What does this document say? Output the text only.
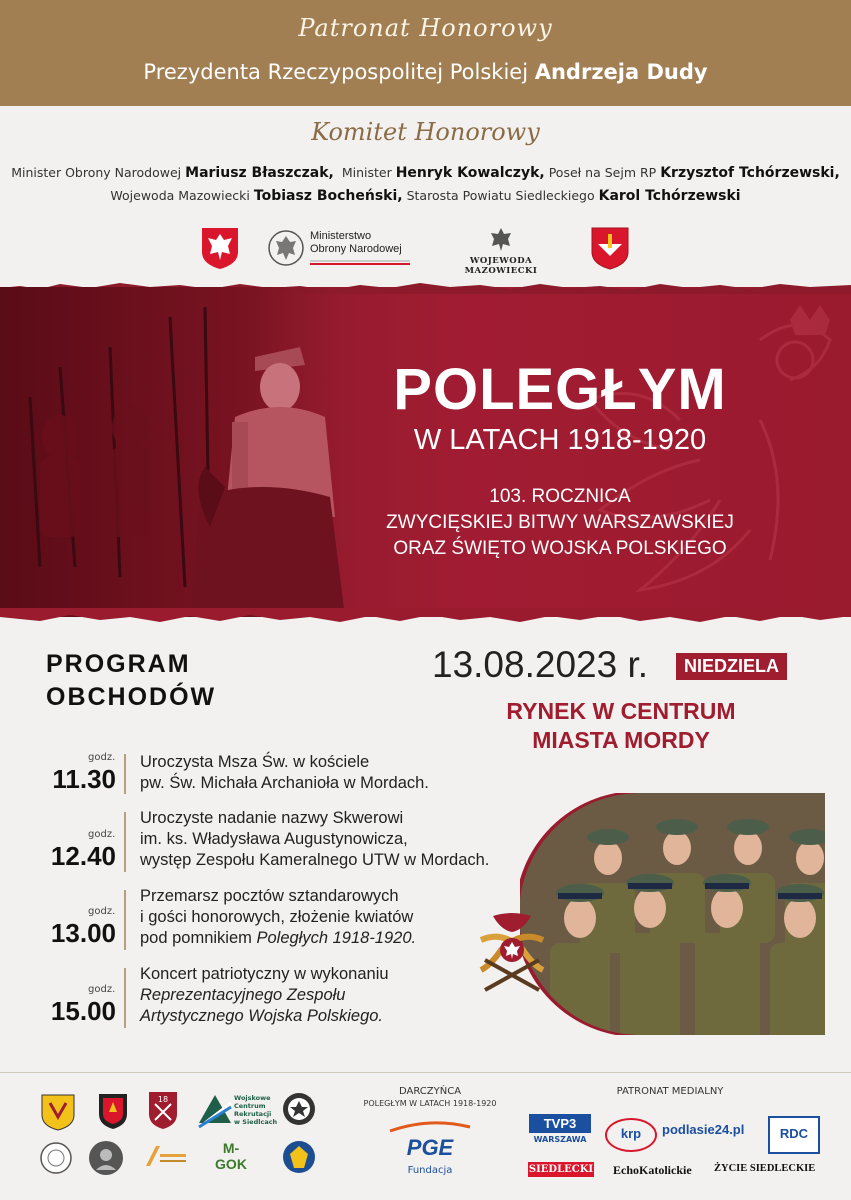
Patronat Honorowy
Prezydenta Rzeczypospolitej Polskiej Andrzeja Dudy
Komitet Honorowy
Minister Obrony Narodowej Mariusz Błaszczak, Minister Henryk Kowalczyk, Poseł na Sejm RP Krzysztof Tchórzewski,
Wojewoda Mazowiecki Tobiasz Bocheński, Starosta Powiatu Siedleckiego Karol Tchórzewski
Ministerstwo
Obrony Narodowej
WOJEWODA MAZOWIECKI
POLEGŁYM
W LATACH 1918-1920
103. ROCZNICA
ZWYCIĘSKIEJ BITWY WARSZAWSKIEJ
ORAZ ŚWIĘTO WOJSKA POLSKIEGO
PROGRAM
OBCHODÓW
13.08.2023 r.	NIEDZIELA
RYNEK W CENTRUM
MIASTA MORDY
godz.
11.30
Uroczysta Msza Św. w kościele
pw. Św. Michała Archanioła w Mordach.
godz.
12.40
Uroczyste nadanie nazwy Skwerowi
im. ks. Władysława Augustynowicza,
występ Zespołu Kameralnego UTW w Mordach.
godz.
13.00
Przemarsz pocztów sztandarowych
i gości honorowych, złożenie kwiatów
pod pomnikiem Poległych 1918-1920.
godz.
15.00
Koncert patriotyczny w wykonaniu
Reprezentacyjnego Zespołu
Artystycznego Wojska Polskiego.
18	Wojskowe
Centrum
Rekrutacji
w Siedlcach
M-GOK
DARCZYŃCA
POLEGŁYM W LATACH 1918-1920
PGE
Fundacja
PATRONAT MEDIALNY
TVP3
WARSZAWA	krp	podlasie24.pl	RDC
SIEDLECKI EchoKatolickie ŻYCIE SIEDLECKIE
